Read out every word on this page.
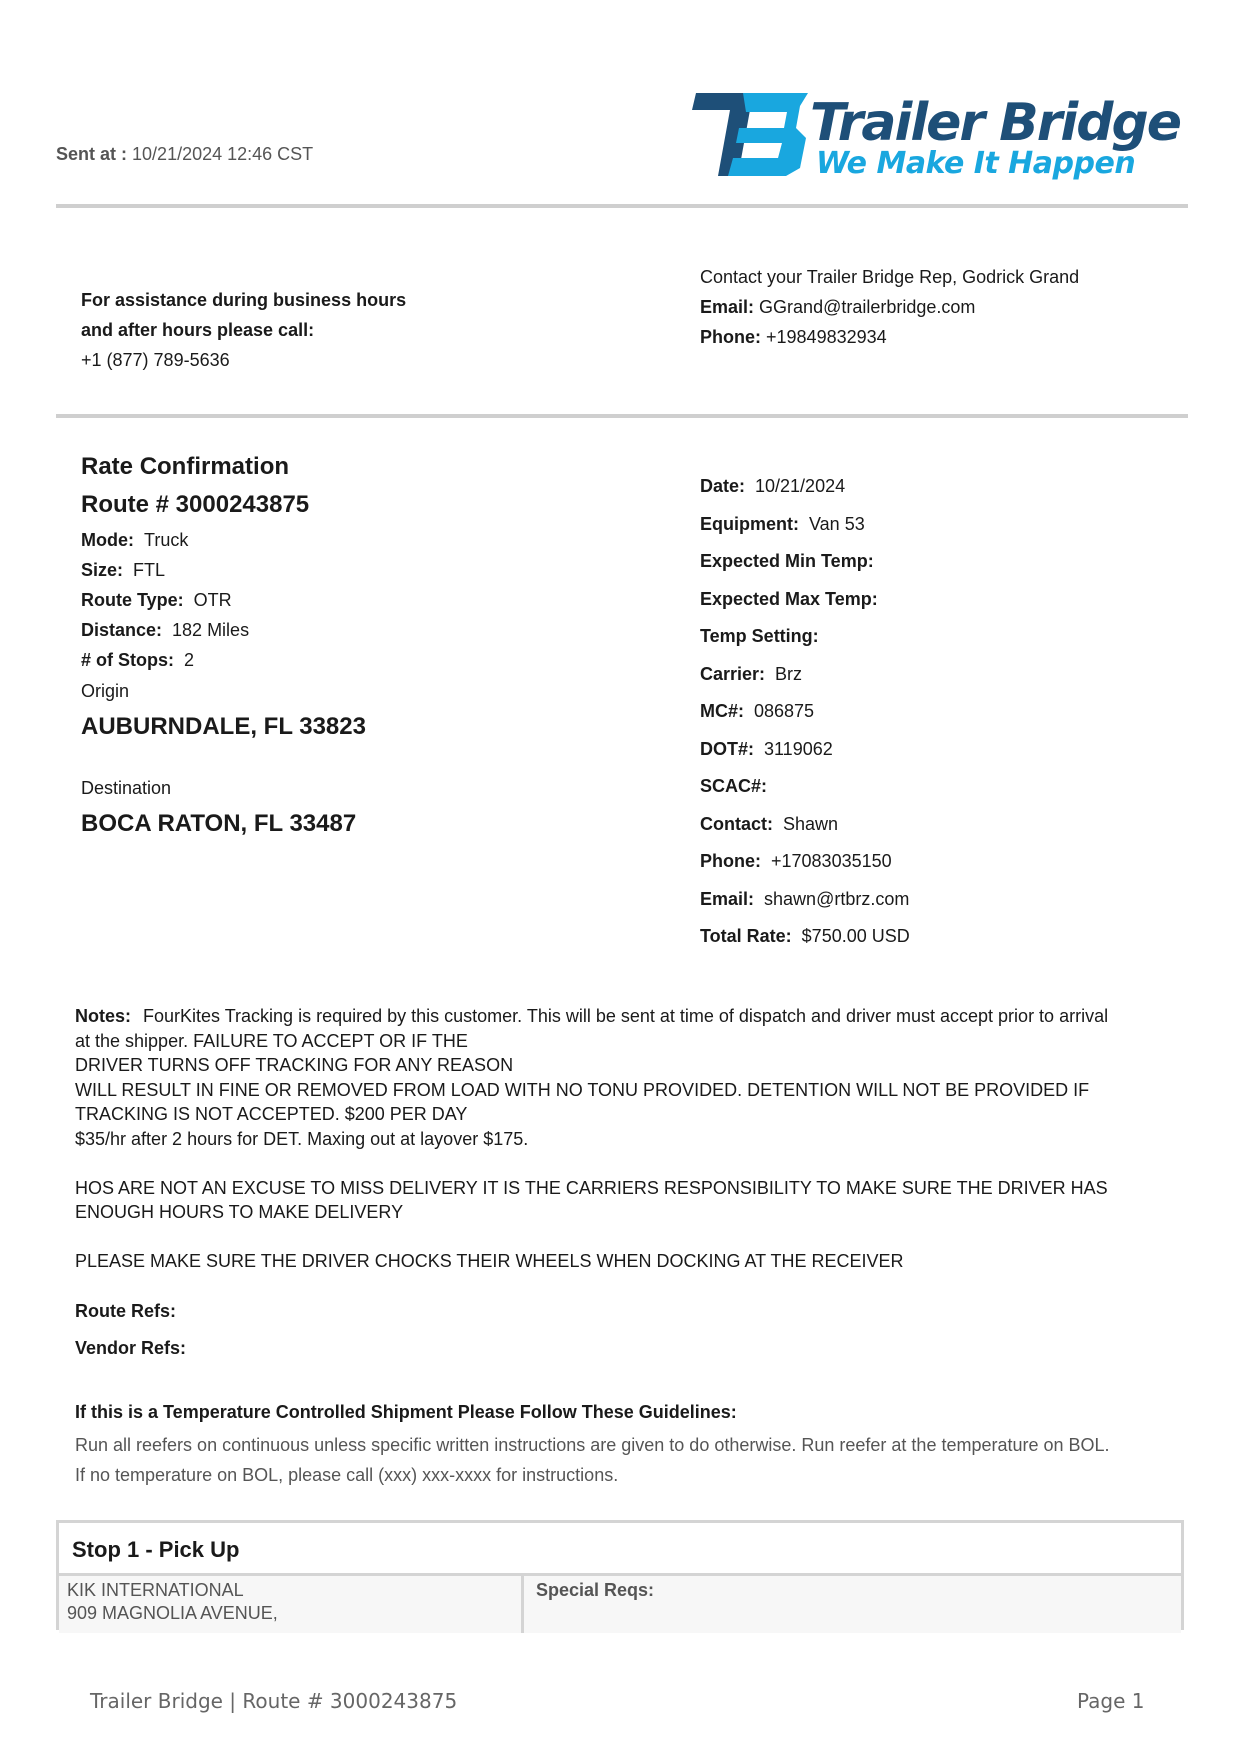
Sent at : 10/21/2024 12:46 CST
Trailer Bridge
We Make It Happen
For assistance during business hours
and after hours please call:
+1 (877) 789-5636
Contact your Trailer Bridge Rep, Godrick Grand
Email: GGrand@trailerbridge.com
Phone: +19849832934
Rate Confirmation
Route # 3000243875
Mode: Truck
Size: FTL
Route Type: OTR
Distance: 182 Miles
# of Stops: 2
Origin
AUBURNDALE, FL 33823
Destination
BOCA RATON, FL 33487
Date: 10/21/2024
Equipment: Van 53
Expected Min Temp:
Expected Max Temp:
Temp Setting:
Carrier: Brz
MC#: 086875
DOT#: 3119062
SCAC#:
Contact: Shawn
Phone: +17083035150
Email: shawn@rtbrz.com
Total Rate: $750.00 USD
Notes: FourKites Tracking is required by this customer. This will be sent at time of dispatch and driver must accept prior to arrival
at the shipper. FAILURE TO ACCEPT OR IF THE
DRIVER TURNS OFF TRACKING FOR ANY REASON
WILL RESULT IN FINE OR REMOVED FROM LOAD WITH NO TONU PROVIDED. DETENTION WILL NOT BE PROVIDED IF
TRACKING IS NOT ACCEPTED. $200 PER DAY
$35/hr after 2 hours for DET. Maxing out at layover $175.
HOS ARE NOT AN EXCUSE TO MISS DELIVERY IT IS THE CARRIERS RESPONSIBILITY TO MAKE SURE THE DRIVER HAS
ENOUGH HOURS TO MAKE DELIVERY
PLEASE MAKE SURE THE DRIVER CHOCKS THEIR WHEELS WHEN DOCKING AT THE RECEIVER
Route Refs:
Vendor Refs:
If this is a Temperature Controlled Shipment Please Follow These Guidelines:
Run all reefers on continuous unless specific written instructions are given to do otherwise. Run reefer at the temperature on BOL.
If no temperature on BOL, please call (xxx) xxx-xxxx for instructions.
Stop 1 - Pick Up
KIK INTERNATIONAL
909 MAGNOLIA AVENUE,
Special Reqs:
Trailer Bridge | Route # 3000243875	Page 1
